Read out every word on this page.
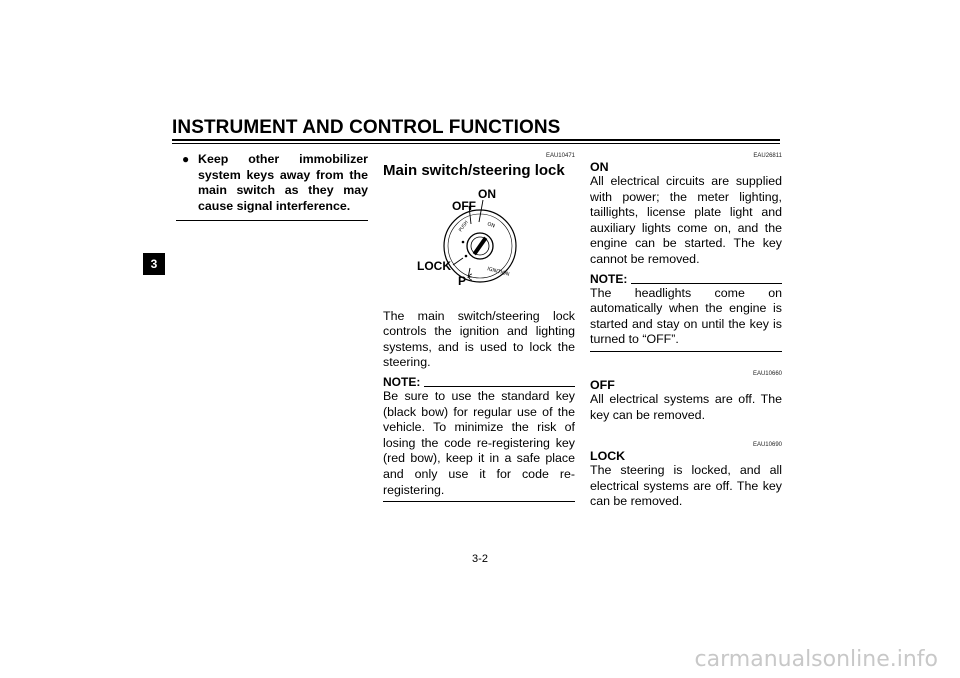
INSTRUMENT AND CONTROL FUNCTIONS
3
● Keep other immobilizer system keys away from the main switch as they may cause signal interference.
EAU10471
Main switch/steering lock
ON
PUSH
IGNITION
ON
OFF
LOCK
P
The main switch/steering lock controls the ignition and lighting systems, and is used to lock the steering.
NOTE:
Be sure to use the standard key (black bow) for regular use of the vehicle. To minimize the risk of losing the code re-registering key (red bow), keep it in a safe place and only use it for code re-registering.
EAU26811
ON
All electrical circuits are supplied with power; the meter lighting, taillights, license plate light and auxiliary lights come on, and the engine can be started. The key cannot be removed.
NOTE:
The headlights come on automatically when the engine is started and stay on until the key is turned to “OFF”.
EAU10660
OFF
All electrical systems are off. The key can be removed.
EAU10690
LOCK
The steering is locked, and all electrical systems are off. The key can be removed.
3-2
carmanualsonline.info
